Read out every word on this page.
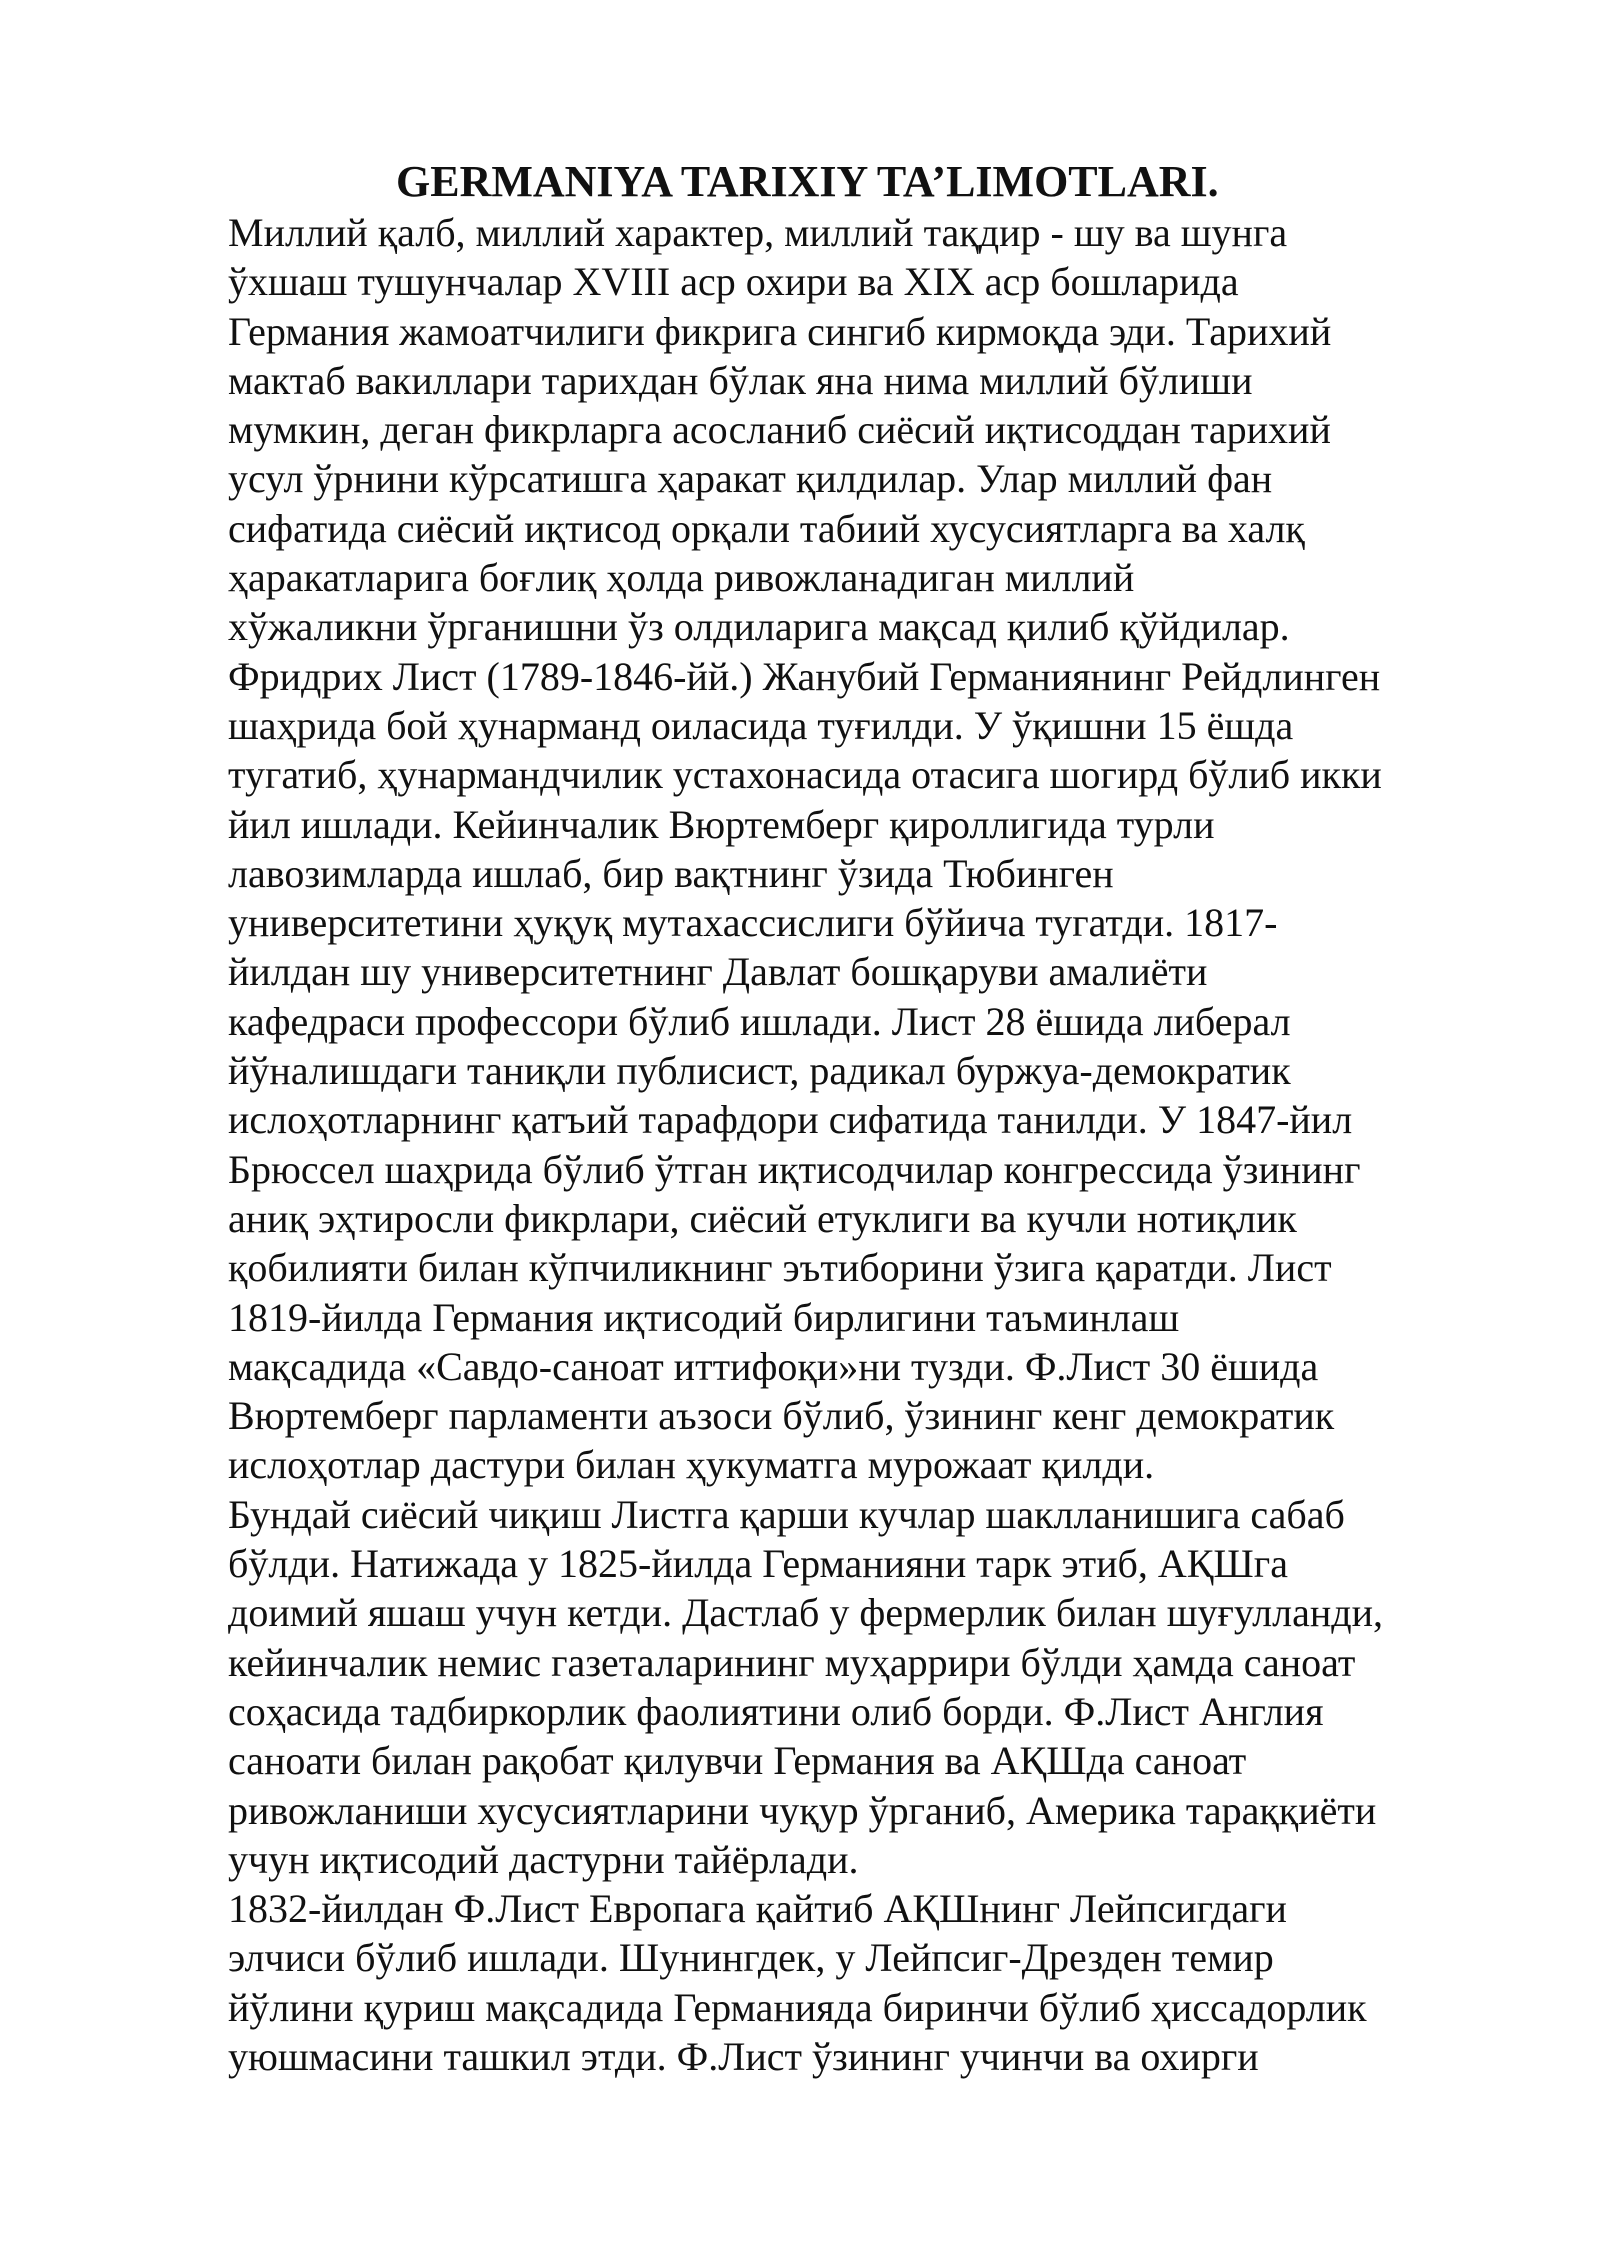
GERMANIYA TARIXIY TA’LIMOTLARI.
Миллий қалб, миллий характер, миллий тақдир - шу ва шунга
ўхшаш тушунчалар XVIII аср охири ва XIX аср бошларида
Германия жамоатчилиги фикрига сингиб кирмоқда эди. Тарихий
мактаб вакиллари тарихдан бўлак яна нима миллий бўлиши
мумкин, деган фикрларга асосланиб сиёсий иқтисоддан тарихий
усул ўрнини кўрсатишга ҳаракат қилдилар. Улар миллий фан
сифатида сиёсий иқтисод орқали табиий хусусиятларга ва халқ
ҳаракатларига боғлиқ ҳолда ривожланадиган миллий
хўжаликни ўрганишни ўз олдиларига мақсад қилиб қўйдилар.
Фридрих Лист (1789-1846-йй.) Жанубий Германиянинг Рейдлинген
шаҳрида бой ҳунарманд оиласида туғилди. У ўқишни 15 ёшда
тугатиб, ҳунармандчилик устахонасида отасига шогирд бўлиб икки
йил ишлади. Кейинчалик Вюртемберг қироллигида турли
лавозимларда ишлаб, бир вақтнинг ўзида Тюбинген
университетини ҳуқуқ мутахассислиги бўйича тугатди. 1817-
йилдан шу университетнинг Давлат бошқаруви амалиёти
кафедраси профессори бўлиб ишлади. Лист 28 ёшида либерал
йўналишдаги таниқли публисист, радикал буржуа-демократик
ислоҳотларнинг қатъий тарафдори сифатида танилди. У 1847-йил
Брюссел шаҳрида бўлиб ўтган иқтисодчилар конгрессида ўзининг
аниқ эҳтиросли фикрлари, сиёсий етуклиги ва кучли нотиқлик
қобилияти билан кўпчиликнинг эътиборини ўзига қаратди. Лист
1819-йилда Германия иқтисодий бирлигини таъминлаш
мақсадида «Савдо-саноат иттифоқи»ни тузди. Ф.Лист 30 ёшида
Вюртемберг парламенти аъзоси бўлиб, ўзининг кенг демократик
ислоҳотлар дастури билан ҳукуматга мурожаат қилди.
Бундай сиёсий чиқиш Листга қарши кучлар шаклланишига сабаб
бўлди. Натижада у 1825-йилда Германияни тарк этиб, АҚШга
доимий яшаш учун кетди. Дастлаб у фермерлик билан шуғулланди,
кейинчалик немис газеталарининг муҳаррири бўлди ҳамда саноат
соҳасида тадбиркорлик фаолиятини олиб борди. Ф.Лист Англия
саноати билан рақобат қилувчи Германия ва АҚШда саноат
ривожланиши хусусиятларини чуқур ўрганиб, Америка тараққиёти
учун иқтисодий дастурни тайёрлади.
1832-йилдан Ф.Лист Европага қайтиб АҚШнинг Лейпсигдаги
элчиси бўлиб ишлади. Шунингдек, у Лейпсиг-Дрезден темир
йўлини қуриш мақсадида Германияда биринчи бўлиб ҳиссадорлик
уюшмасини ташкил этди. Ф.Лист ўзининг учинчи ва охирги
